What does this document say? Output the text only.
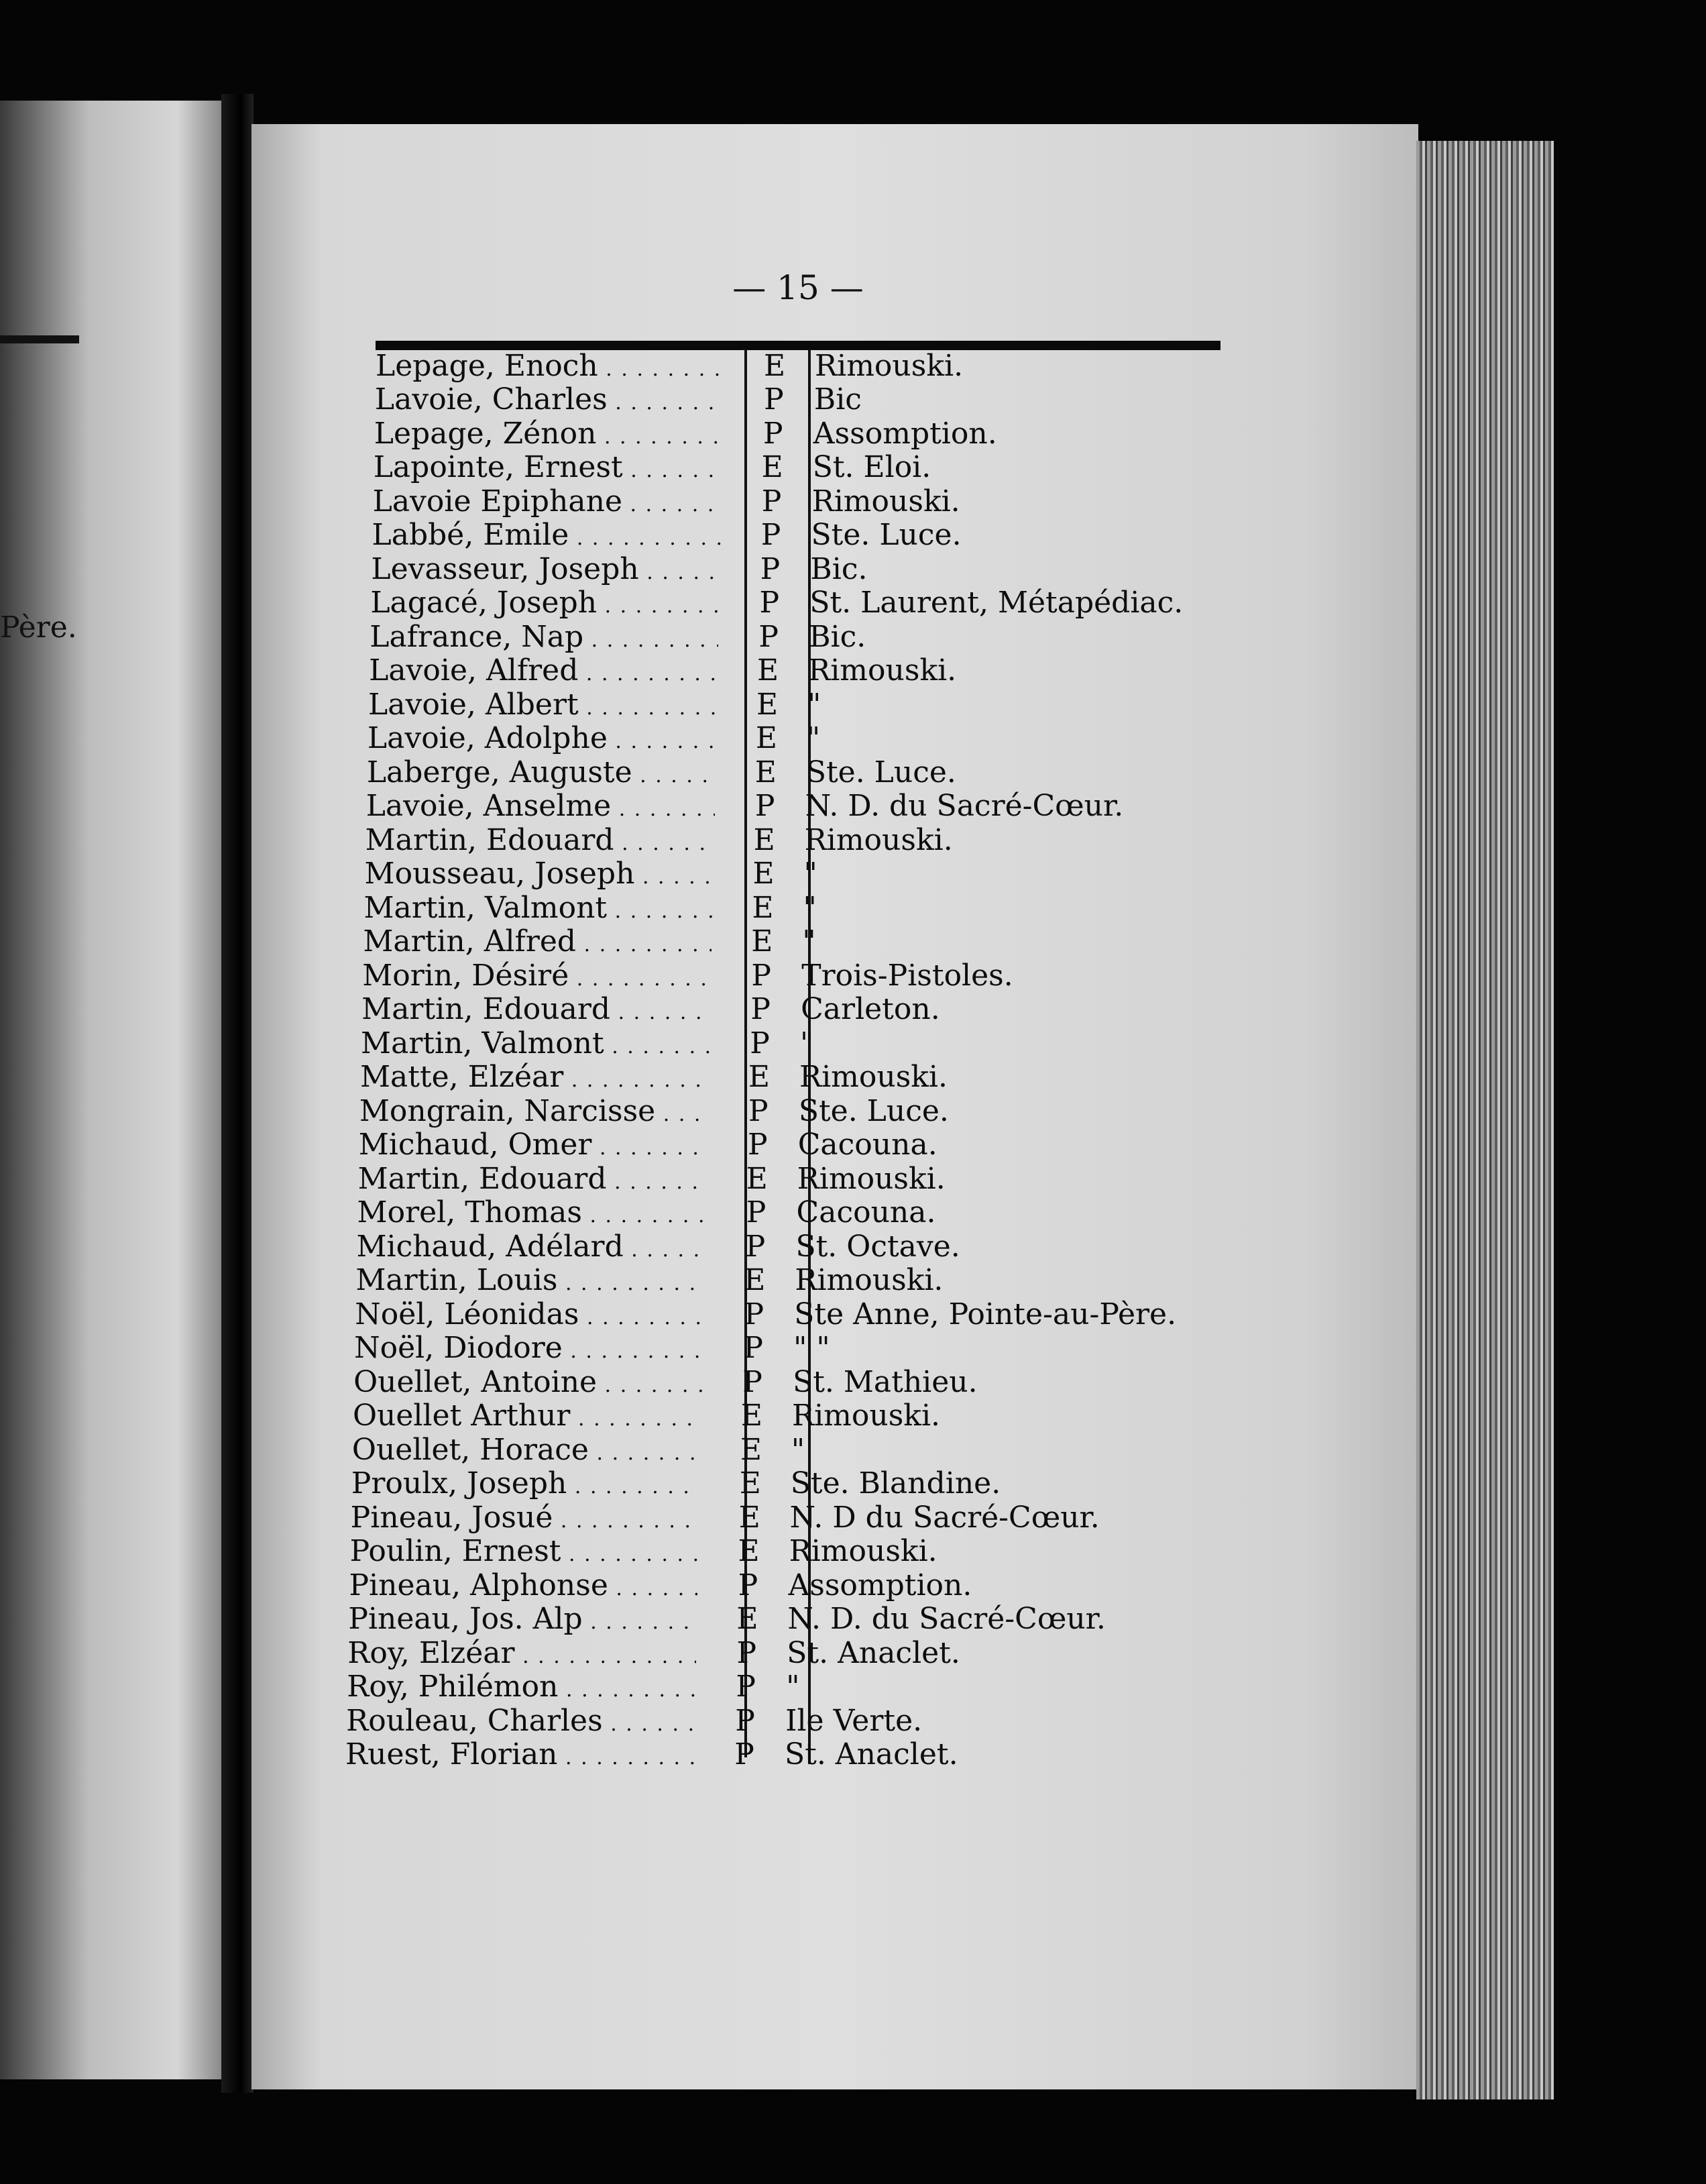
Père.
— 15 —
Lepage, Enoch . . .	E Rimouski.
Lavoie, Charles . . .	P	Bic
Lepage, Zénon . . .	P	Assomption.
Lapointe, Ernest . . .	E St. Eloi.
Lavoie Epiphane . . .	P	Rimouski.
Labbé, Emile . . .	P	Ste. Luce.
Levasseur, Joseph . . .	P	Bic.
Lagacé, Joseph . . .	P	St. Laurent, Métapédiac.
Lafrance, Nap . . .	P	Bic.
Lavoie, Alfred . . .	E Rimouski.
Lavoie, Albert . . .	E "
Lavoie, Adolphe . . .	E "
Laberge, Auguste . . .	E Ste. Luce.
Lavoie, Anselme . . .	P	N. D. du Sacré-Cœur.
Martin, Edouard . . .	E Rimouski.
Mousseau, Joseph . . .	E "
Martin, Valmont . . .	E "
Martin, Alfred . . .	E "
Morin, Désiré . . .	P	Trois-Pistoles.
Martin, Edouard . . .	P	Carleton.
Martin, Valmont . . .	P	"
Matte, Elzéar . . .	E Rimouski.
Mongrain, Narcisse . . .	P	Ste. Luce.
Michaud, Omer . . .	P	Cacouna.
Martin, Edouard . . .	E Rimouski.
Morel, Thomas . . .	P	Cacouna.
Michaud, Adélard . . .	P	St. Octave.
Martin, Louis . . .	E Rimouski.
Noël, Léonidas . . .	P	Ste Anne, Pointe-au-Père.
Noël, Diodore . . .	P	" "
Ouellet, Antoine . . .	P	St. Mathieu.
Ouellet Arthur . . .	E Rimouski.
Ouellet, Horace . . .	E "
Proulx, Joseph . . .	E Ste. Blandine.
Pineau, Josué . . .	E N. D du Sacré-Cœur.
Poulin, Ernest . . .	E Rimouski.
Pineau, Alphonse . . .	P	Assomption.
Pineau, Jos. Alp . . .	E N. D. du Sacré-Cœur.
Roy, Elzéar . . .	P	St. Anaclet.
Roy, Philémon . . .	P	"
Rouleau, Charles . . .	P	Ile Verte.
Ruest, Florian . . .	P	St. Anaclet.
